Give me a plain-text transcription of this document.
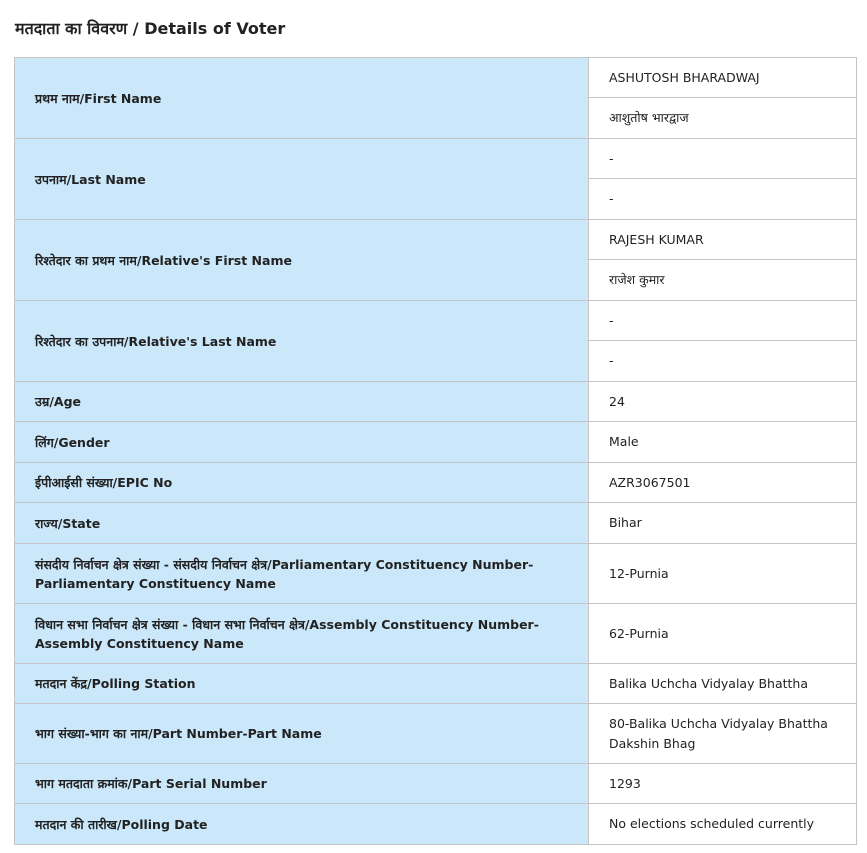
मतदाता का विवरण / Details of Voter
प्रथम नाम/First Name	ASHUTOSH BHARADWAJ
	आशुतोष भारद्वाज
उपनाम/Last Name	-
	-
रिश्तेदार का प्रथम नाम/Relative's First Name	RAJESH KUMAR
	राजेश कुमार
रिश्तेदार का उपनाम/Relative's Last Name	-
	-
उम्र/Age	24
लिंग/Gender	Male
ईपीआईसी संख्या/EPIC No	AZR3067501
राज्य/State	Bihar
संसदीय निर्वाचन क्षेत्र संख्या - संसदीय निर्वाचन क्षेत्र/Parliamentary Constituency Number-Parliamentary Constituency Name	12-Purnia
विधान सभा निर्वाचन क्षेत्र संख्या - विधान सभा निर्वाचन क्षेत्र/Assembly Constituency Number-Assembly Constituency Name	62-Purnia
मतदान केंद्र/Polling Station	Balika Uchcha Vidyalay Bhattha
भाग संख्या-भाग का नाम/Part Number-Part Name	80-Balika Uchcha Vidyalay Bhattha Dakshin Bhag
भाग मतदाता क्रमांक/Part Serial Number	1293
मतदान की तारीख/Polling Date	No elections scheduled currently
